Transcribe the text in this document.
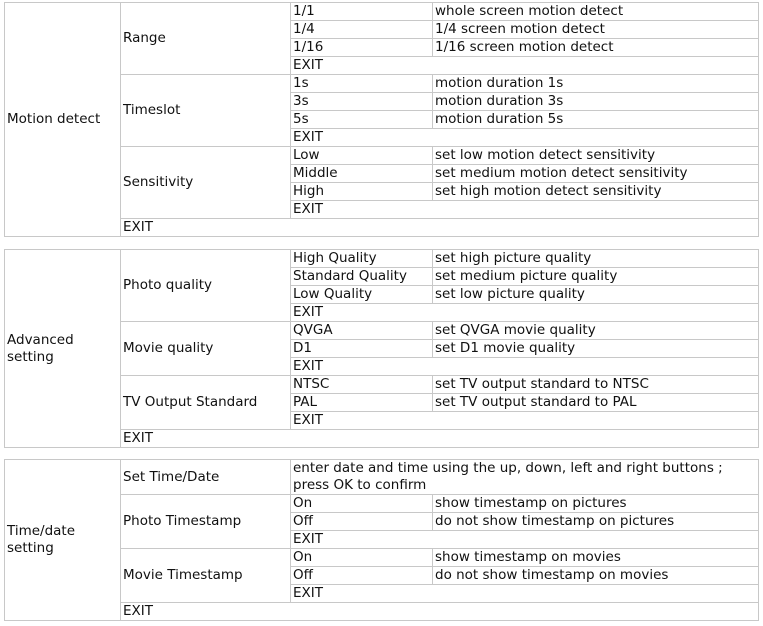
Motion detect	Range	1/1	whole screen motion detect
		1/4	1/4 screen motion detect
		1/16	1/16 screen motion detect
		EXIT	
	Timeslot	1s	motion duration 1s
		3s	motion duration 3s
		5s	motion duration 5s
		EXIT	
	Sensitivity	Low	set low motion detect sensitivity
		Middle	set medium motion detect sensitivity
		High	set high motion detect sensitivity
		EXIT	
	EXIT		
Advanced setting	Photo quality	High Quality	set high picture quality
		Standard Quality	set medium picture quality
		Low Quality	set low picture quality
		EXIT	
	Movie quality	QVGA	set QVGA movie quality
		D1	set D1 movie quality
		EXIT	
	TV Output Standard	NTSC	set TV output standard to NTSC
		PAL	set TV output standard to PAL
		EXIT	
	EXIT		
Time/date setting	Set Time/Date	enter date and time using the up, down, left and right buttons ; press OK to confirm	
	Photo Timestamp	On	show timestamp on pictures
		Off	do not show timestamp on pictures
		EXIT	
	Movie Timestamp	On	show timestamp on movies
		Off	do not show timestamp on movies
		EXIT	
	EXIT		
